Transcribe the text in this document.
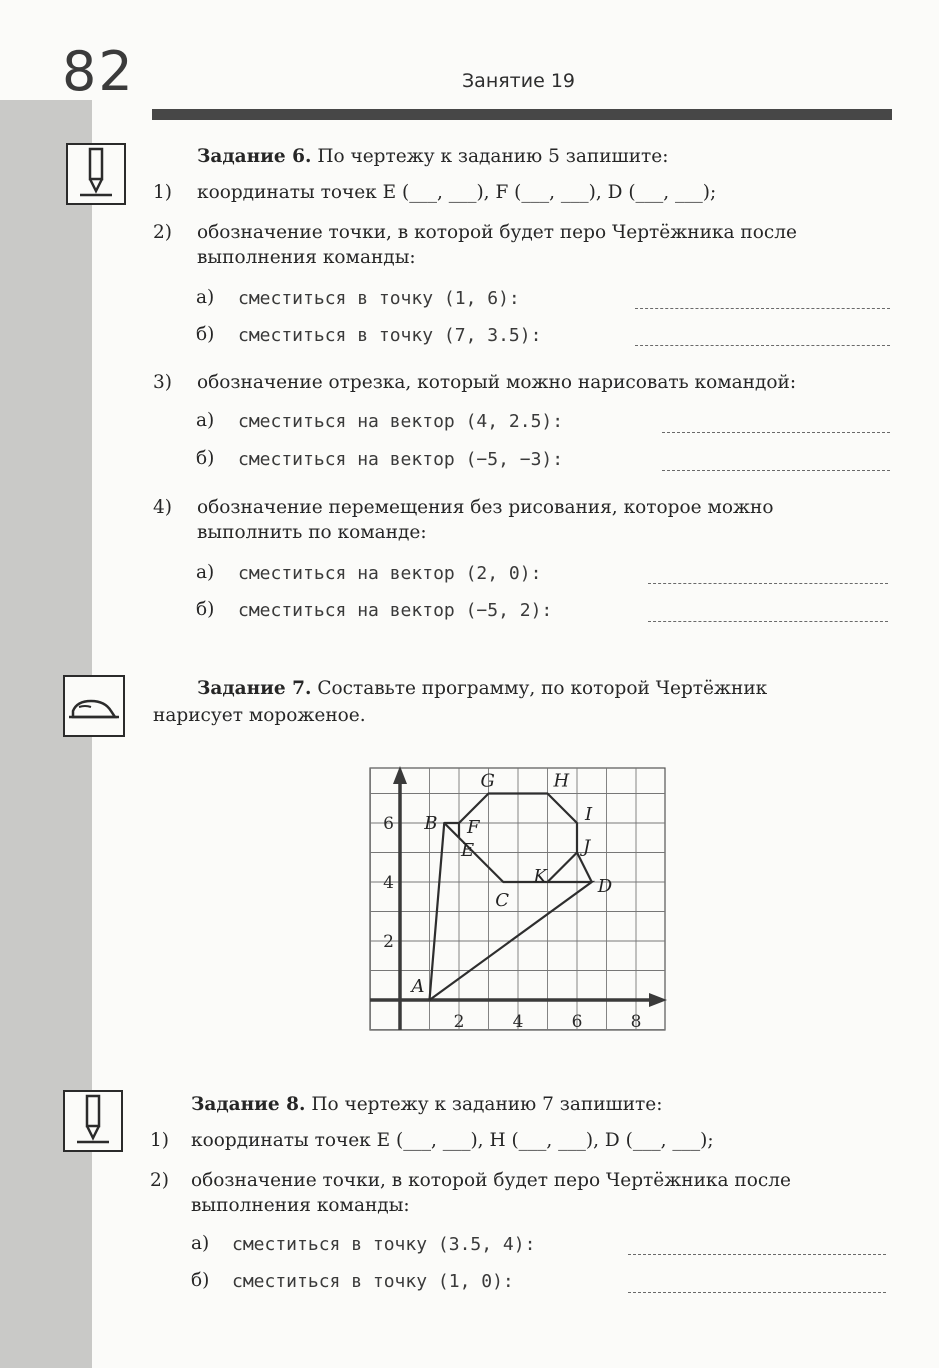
82	Занятие 19
Задание 6. По чертежу к заданию 5 запишите:
1) координаты точек E (___, ___), F (___, ___), D (___, ___);
2) обозначение точки, в которой будет перо Чертёжника после
выполнения команды:
а) сместиться в точку (1, 6):
б) сместиться в точку (7, 3.5):
3) обозначение отрезка, который можно нарисовать командой:
а) сместиться на вектор (4, 2.5):
б) сместиться на вектор (−5, −3):
4) обозначение перемещения без рисования, которое можно
выполнить по команде:
а) сместиться на вектор (2, 0):
б) сместиться на вектор (−5, 2):
Задание 7. Составьте программу, по которой Чертёжник
нарисует мороженое.
2	4	6	8
2
4
6
A
B F
E
G	H
I
J
K
C
D
Задание 8. По чертежу к заданию 7 запишите:
1) координаты точек E (___, ___), H (___, ___), D (___, ___);
2) обозначение точки, в которой будет перо Чертёжника после
выполнения команды:
а) сместиться в точку (3.5, 4):
б) сместиться в точку (1, 0):
